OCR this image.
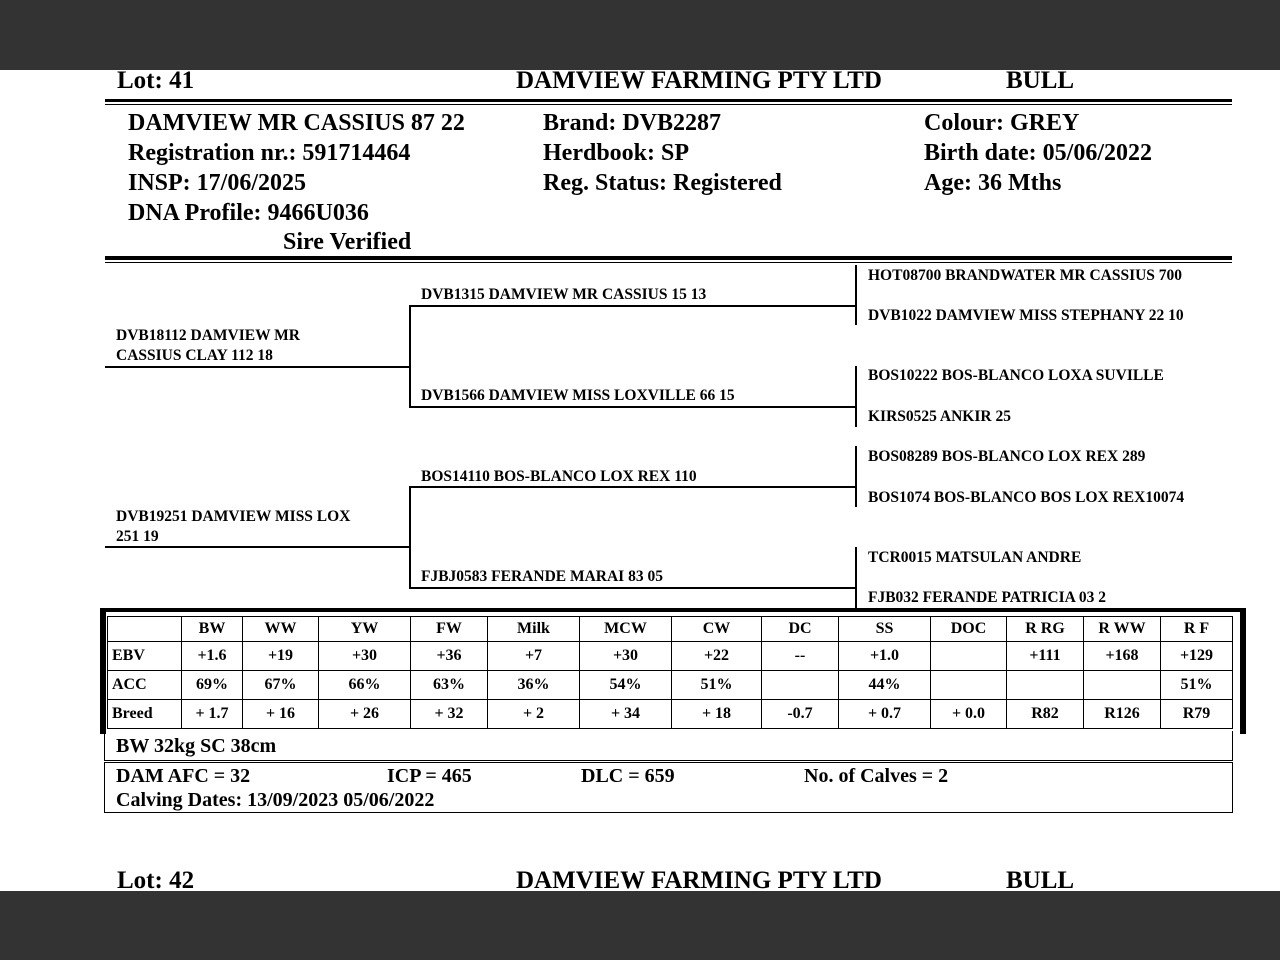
Lot: 41	DAMVIEW FARMING PTY LTD	BULL
DAMVIEW MR CASSIUS 87 22
Registration nr.: 591714464
INSP: 17/06/2025
DNA Profile: 9466U036
Sire Verified
Brand: DVB2287
Herdbook: SP
Reg. Status: Registered
Colour: GREY
Birth date: 05/06/2022
Age: 36 Mths
DVB18112 DAMVIEW MR
CASSIUS CLAY 112 18
DVB19251 DAMVIEW MISS LOX
251 19
DVB1315 DAMVIEW MR CASSIUS 15 13
DVB1566 DAMVIEW MISS LOXVILLE 66 15
BOS14110 BOS-BLANCO LOX REX 110
FJBJ0583 FERANDE MARAI 83 05
HOT08700 BRANDWATER MR CASSIUS 700
DVB1022 DAMVIEW MISS STEPHANY 22 10
BOS10222 BOS-BLANCO LOXA SUVILLE
KIRS0525 ANKIR 25
BOS08289 BOS-BLANCO LOX REX 289
BOS1074 BOS-BLANCO BOS LOX REX10074
TCR0015 MATSULAN ANDRE
FJB032 FERANDE PATRICIA 03 2
	BW	WW	YW	FW	Milk	MCW	CW	DC	SS	DOC	R RG	R WW	R F
EBV	+1.6	+19	+30	+36	+7	+30	+22	--	+1.0		+111	+168	+129
ACC	69%	67%	66%	63%	36%	54%	51%		44%				51%
Breed	+ 1.7	+ 16	+ 26	+ 32	+ 2	+ 34	+ 18	-0.7	+ 0.7	+ 0.0	R82	R126	R79
BW 32kg SC 38cm
DAM AFC = 32	ICP = 465	DLC = 659	No. of Calves = 2
Calving Dates: 13/09/2023 05/06/2022
Lot: 42	DAMVIEW FARMING PTY LTD	BULL
